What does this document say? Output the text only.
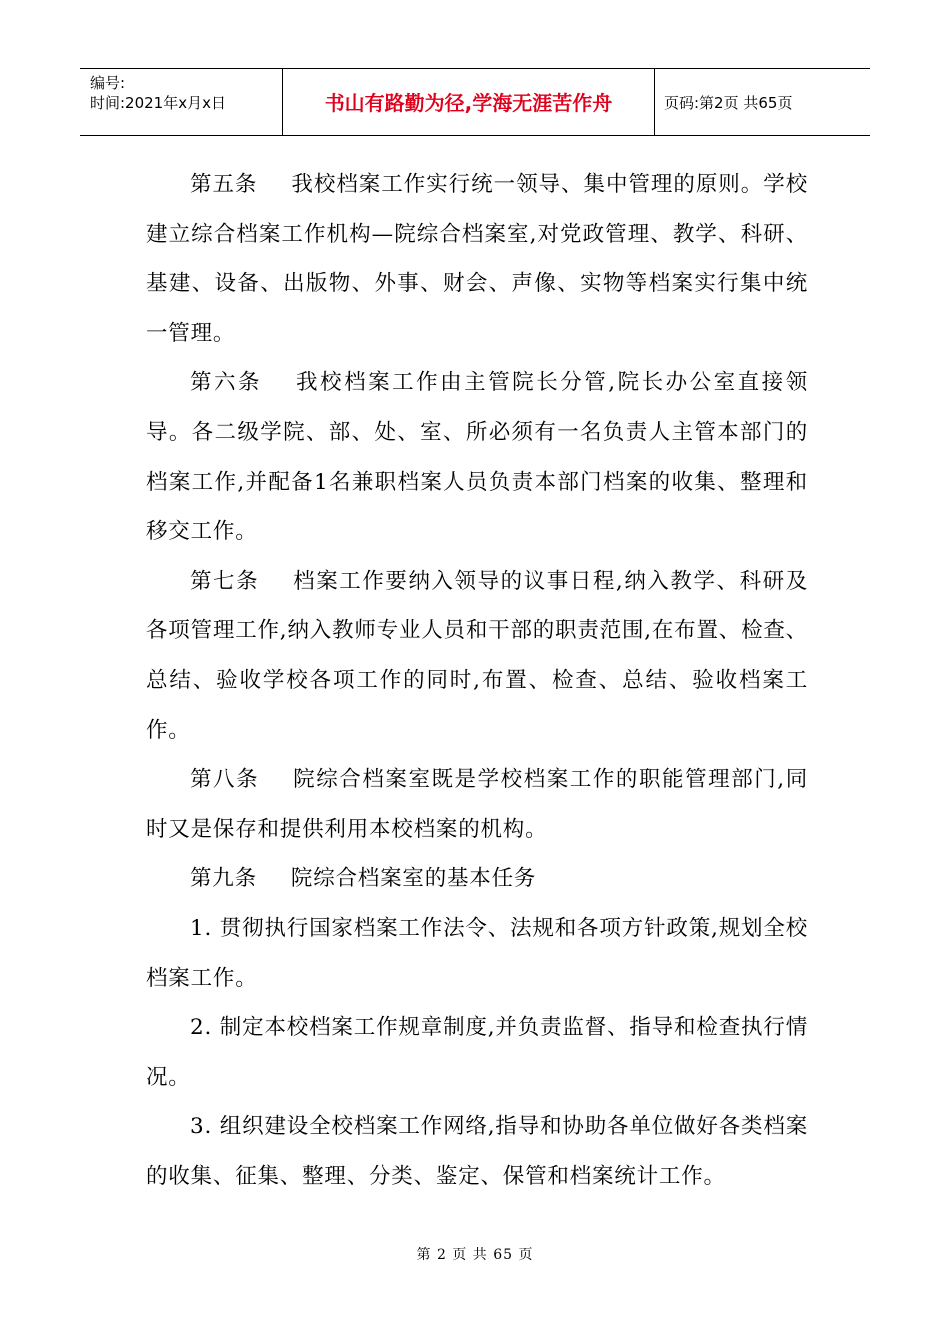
编号:
时间:2021年x月x日	书山有路勤为径,学海无涯苦作舟	页码:第2页 共65页

第五条 我校档案工作实行统一领导、集中管理的原则。学校建立综合档案工作机构—院综合档案室,对党政管理、教学、科研、基建、设备、出版物、外事、财会、声像、实物等档案实行集中统一管理。

第六条 我校档案工作由主管院长分管,院长办公室直接领导。各二级学院、部、处、室、所必须有一名负责人主管本部门的档案工作,并配备1名兼职档案人员负责本部门档案的收集、整理和移交工作。

第七条 档案工作要纳入领导的议事日程,纳入教学、科研及各项管理工作,纳入教师专业人员和干部的职责范围,在布置、检查、总结、验收学校各项工作的同时,布置、检查、总结、验收档案工作。

第八条 院综合档案室既是学校档案工作的职能管理部门,同时又是保存和提供利用本校档案的机构。

第九条 院综合档案室的基本任务

1. 贯彻执行国家档案工作法令、法规和各项方针政策,规划全校档案工作。

2. 制定本校档案工作规章制度,并负责监督、指导和检查执行情况。

3. 组织建设全校档案工作网络,指导和协助各单位做好各类档案的收集、征集、整理、分类、鉴定、保管和档案统计工作。

第 2 页 共 65 页
